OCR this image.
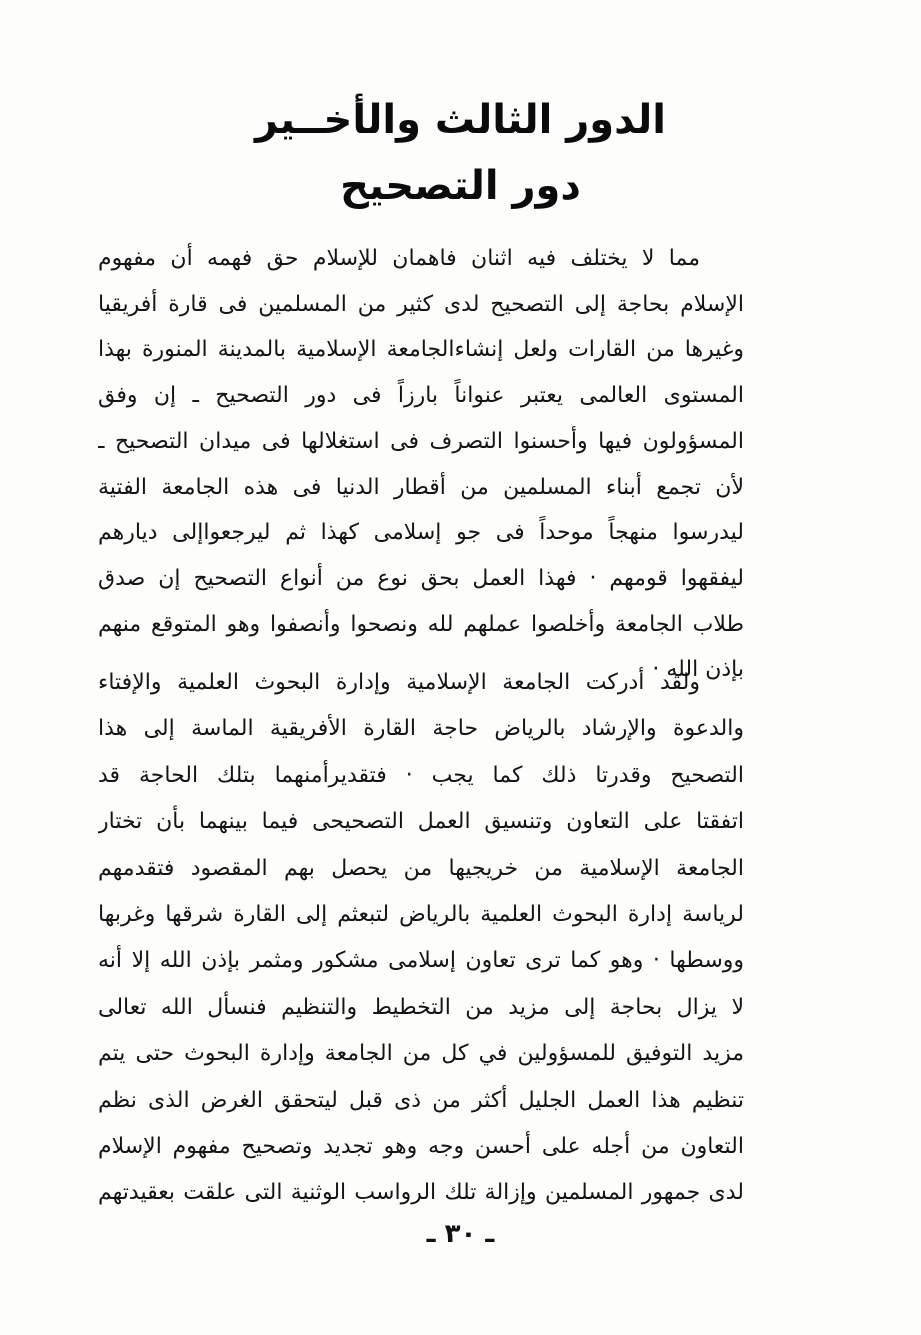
الدور الثالث والأخــير
دور التصحيح
مما لا يختلف فيه اثنان فاهمان للإسلام حق فهمه أن مفهوم
الإسلام بحاجة إلى التصحيح لدى كثير من المسلمين فى قارة أفريقيا
وغيرها من القارات ولعل إنشاءالجامعة الإسلامية بالمدينة المنورة بهذا
المستوى العالمى يعتبر عنواناً بارزاً فى دور التصحيح ـ إن وفق
المسؤولون فيها وأحسنوا التصرف فى استغلالها فى ميدان التصحيح ـ
لأن تجمع أبناء المسلمين من أقطار الدنيا فى هذه الجامعة الفتية
ليدرسوا منهجاً موحداً فى جو إسلامى كهذا ثم ليرجعواإلى ديارهم
ليفقهوا قومهم · فهذا العمل بحق نوع من أنواع التصحيح إن صدق
طلاب الجامعة وأخلصوا عملهم لله ونصحوا وأنصفوا وهو المتوقع منهم
بإذن الله ·
ولقد أدركت الجامعة الإسلامية وإدارة البحوث العلمية والإفتاء
والدعوة والإرشاد بالرياض حاجة القارة الأفريقية الماسة إلى هذا
التصحيح وقدرتا ذلك كما يجب · فتقديرأمنهما بتلك الحاجة قد
اتفقتا على التعاون وتنسيق العمل التصحيحى فيما بينهما بأن تختار
الجامعة الإسلامية من خريجيها من يحصل بهم المقصود فتقدمهم
لرياسة إدارة البحوث العلمية بالرياض لتبعثم إلى القارة شرقها وغربها
ووسطها · وهو كما ترى تعاون إسلامى مشكور ومثمر بإذن الله إلا أنه
لا يزال بحاجة إلى مزيد من التخطيط والتنظيم فنسأل الله تعالى
مزيد التوفيق للمسؤولين في كل من الجامعة وإدارة البحوث حتى يتم
تنظيم هذا العمل الجليل أكثر من ذى قبل ليتحقق الغرض الذى نظم
التعاون من أجله على أحسن وجه وهو تجديد وتصحيح مفهوم الإسلام
لدى جمهور المسلمين وإزالة تلك الرواسب الوثنية التى علقت بعقيدتهم
ـ ٣٠ ـ
